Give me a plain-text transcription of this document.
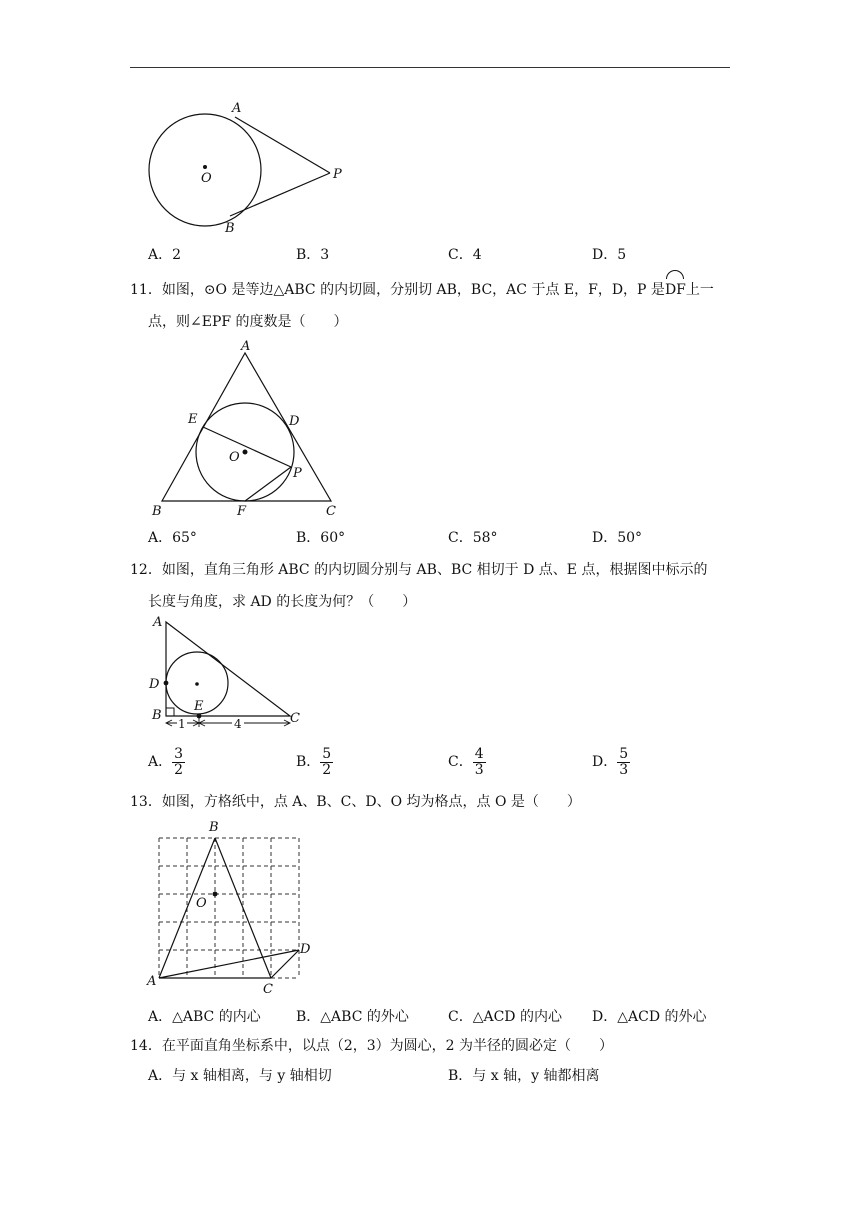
A
B
O	P
A．2	B．3	C．4	D．5
11．如图，⊙O 是等边△ABC 的内切圆，分别切 AB，BC，AC 于点 E，F，D，P 是DF上一
点，则∠EPF 的度数是（　　）
A
B	C
D
E
F
O
P
A．65°	B．60°	C．58°	D．50°
12．如图，直角三角形 ABC 的内切圆分别与 AB、BC 相切于 D 点、E 点，根据图中标示的
长度与角度，求 AD 的长度为何？（　　）
1	4
A
B	C
D
E
A． $\frac{3}{2}$	B． $\frac{5}{2}$	C． $\frac{4}{3}$	D． $\frac{5}{3}$
13．如图，方格纸中，点 A、B、C、D、O 均为格点，点 O 是（　　）
A
B
C
D
O
A．△ABC 的内心	B．△ABC 的外心	C．△ACD 的内心 D．△ACD 的外心
14．在平面直角坐标系中，以点（2，3）为圆心，2 为半径的圆必定（　　）
A．与 x 轴相离，与 y 轴相切	B．与 x 轴，y 轴都相离
